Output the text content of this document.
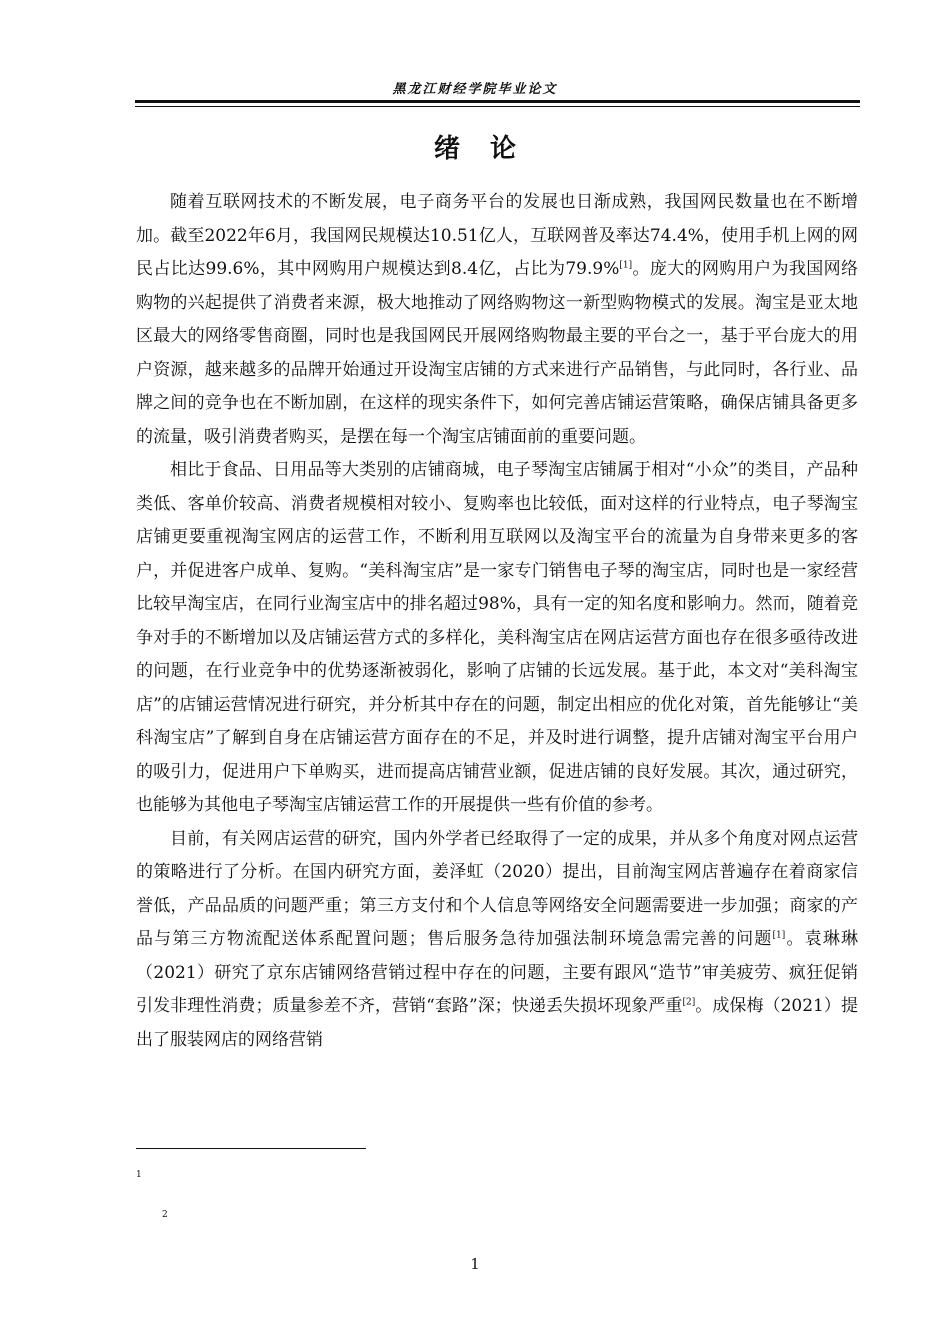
黑龙江财经学院毕业论文
绪论

随着互联网技术的不断发展，电子商务平台的发展也日渐成熟，我国网民数量也在不断增加。截至2022年6月，我国网民规模达10.51亿人，互联网普及率达74.4%，使用手机上网的网民占比达99.6%，其中网购用户规模达到8.4亿，占比为79.9%[1]。庞大的网购用户为我国网络购物的兴起提供了消费者来源，极大地推动了网络购物这一新型购物模式的发展。淘宝是亚太地区最大的网络零售商圈，同时也是我国网民开展网络购物最主要的平台之一，基于平台庞大的用户资源，越来越多的品牌开始通过开设淘宝店铺的方式来进行产品销售，与此同时，各行业、品牌之间的竞争也在不断加剧，在这样的现实条件下，如何完善店铺运营策略，确保店铺具备更多的流量，吸引消费者购买，是摆在每一个淘宝店铺面前的重要问题。

相比于食品、日用品等大类别的店铺商城，电子琴淘宝店铺属于相对“小众”的类目，产品种类低、客单价较高、消费者规模相对较小、复购率也比较低，面对这样的行业特点，电子琴淘宝店铺更要重视淘宝网店的运营工作，不断利用互联网以及淘宝平台的流量为自身带来更多的客户，并促进客户成单、复购。“美科淘宝店”是一家专门销售电子琴的淘宝店，同时也是一家经营比较早淘宝店，在同行业淘宝店中的排名超过98%，具有一定的知名度和影响力。然而，随着竞争对手的不断增加以及店铺运营方式的多样化，美科淘宝店在网店运营方面也存在很多亟待改进的问题，在行业竞争中的优势逐渐被弱化，影响了店铺的长远发展。基于此，本文对“美科淘宝店”的店铺运营情况进行研究，并分析其中存在的问题，制定出相应的优化对策，首先能够让“美科淘宝店”了解到自身在店铺运营方面存在的不足，并及时进行调整，提升店铺对淘宝平台用户的吸引力，促进用户下单购买，进而提高店铺营业额，促进店铺的良好发展。其次，通过研究，也能够为其他电子琴淘宝店铺运营工作的开展提供一些有价值的参考。

目前，有关网店运营的研究，国内外学者已经取得了一定的成果，并从多个角度对网点运营的策略进行了分析。在国内研究方面，姜泽虹（2020）提出，目前淘宝网店普遍存在着商家信誉低，产品品质的问题严重；第三方支付和个人信息等网络安全问题需要进一步加强；商家的产品与第三方物流配送体系配置问题；售后服务急待加强法制环境急需完善的问题[1]。袁琳琳（2021）研究了京东店铺网络营销过程中存在的问题，主要有跟风“造节”审美疲劳、疯狂促销引发非理性消费；质量参差不齐，营销“套路”深；快递丢失损坏现象严重[2]。成保梅（2021）提出了服装网店的网络营销

1
2
1
